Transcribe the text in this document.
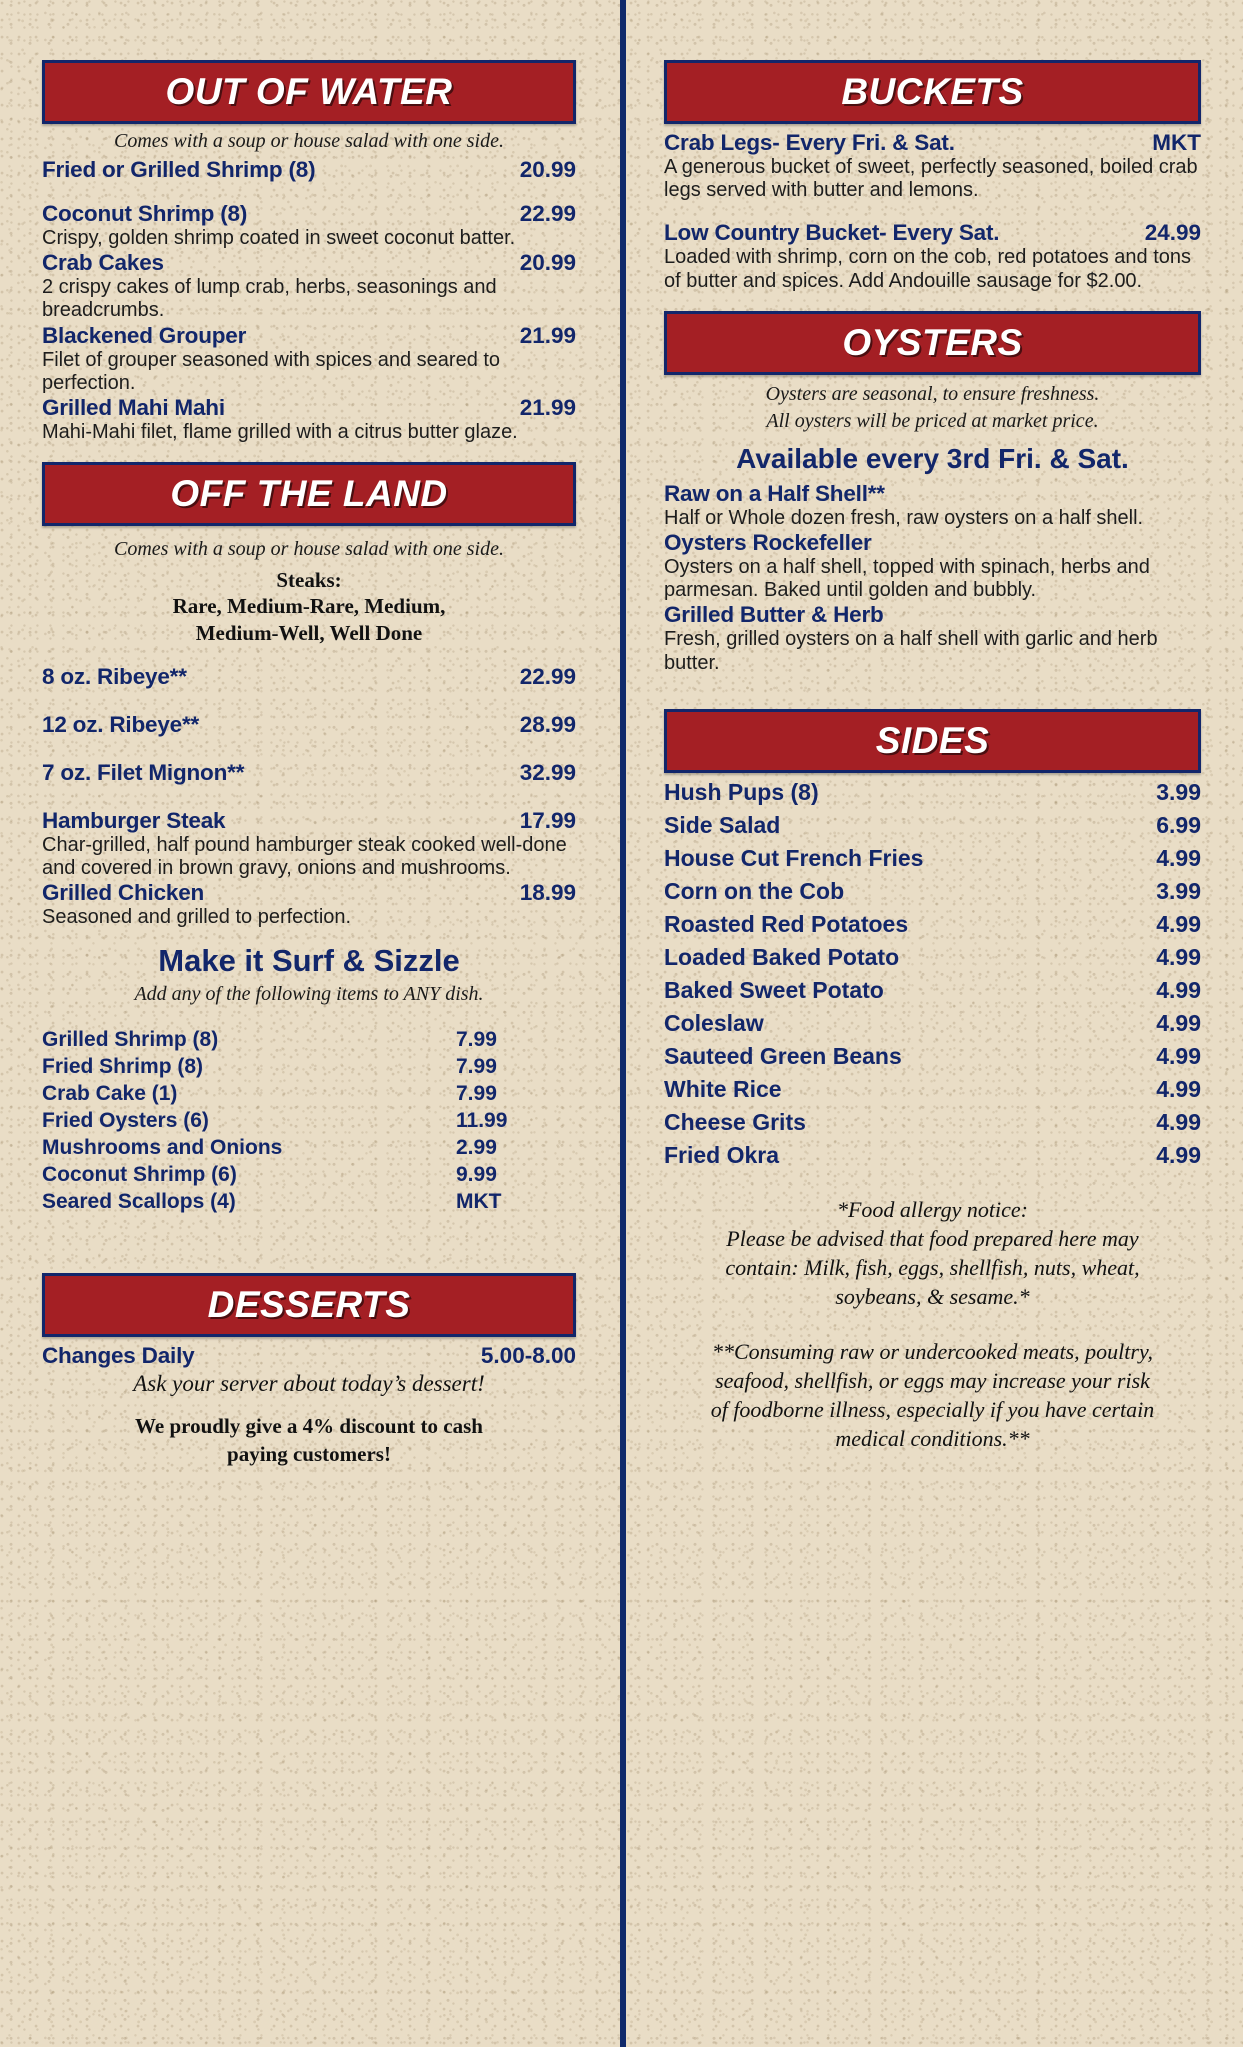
OUT OF WATER
Comes with a soup or house salad with one side.
Fried or Grilled Shrimp (8)	20.99
Coconut Shrimp (8)	22.99
Crispy, golden shrimp coated in sweet coconut batter.
Crab Cakes	20.99
2 crispy cakes of lump crab, herbs, seasonings and breadcrumbs.
Blackened Grouper	21.99
Filet of grouper seasoned with spices and seared to perfection.
Grilled Mahi Mahi	21.99
Mahi-Mahi filet, flame grilled with a citrus butter glaze.
OFF THE LAND
Comes with a soup or house salad with one side.
Steaks:
Rare, Medium-Rare, Medium,
Medium-Well, Well Done
8 oz. Ribeye**	22.99
12 oz. Ribeye**	28.99
7 oz. Filet Mignon**	32.99
Hamburger Steak	17.99
Char-grilled, half pound hamburger steak cooked well-done and covered in brown gravy, onions and mushrooms.
Grilled Chicken	18.99
Seasoned and grilled to perfection.
Make it Surf & Sizzle
Add any of the following items to ANY dish.
Grilled Shrimp (8)	7.99
Fried Shrimp (8)	7.99
Crab Cake (1)	7.99
Fried Oysters (6)	11.99
Mushrooms and Onions	2.99
Coconut Shrimp (6)	9.99
Seared Scallops (4)	MKT
DESSERTS
Changes Daily	5.00-8.00
Ask your server about today’s dessert!
We proudly give a 4% discount to cash
paying customers!
BUCKETS
Crab Legs- Every Fri. & Sat.	MKT
A generous bucket of sweet, perfectly seasoned, boiled crab legs served with butter and lemons.
Low Country Bucket- Every Sat.	24.99
Loaded with shrimp, corn on the cob, red potatoes and tons of butter and spices. Add Andouille sausage for $2.00.
OYSTERS
Oysters are seasonal, to ensure freshness.
All oysters will be priced at market price.
Available every 3rd Fri. & Sat.
Raw on a Half Shell**
Half or Whole dozen fresh, raw oysters on a half shell.
Oysters Rockefeller
Oysters on a half shell, topped with spinach, herbs and parmesan. Baked until golden and bubbly.
Grilled Butter & Herb
Fresh, grilled oysters on a half shell with garlic and herb butter.
SIDES
Hush Pups (8)	3.99
Side Salad	6.99
House Cut French Fries	4.99
Corn on the Cob	3.99
Roasted Red Potatoes	4.99
Loaded Baked Potato	4.99
Baked Sweet Potato	4.99
Coleslaw	4.99
Sauteed Green Beans	4.99
White Rice	4.99
Cheese Grits	4.99
Fried Okra	4.99
*Food allergy notice:
Please be advised that food prepared here may
contain: Milk, fish, eggs, shellfish, nuts, wheat,
soybeans, & sesame.*
**Consuming raw or undercooked meats, poultry,
seafood, shellfish, or eggs may increase your risk
of foodborne illness, especially if you have certain
medical conditions.**
